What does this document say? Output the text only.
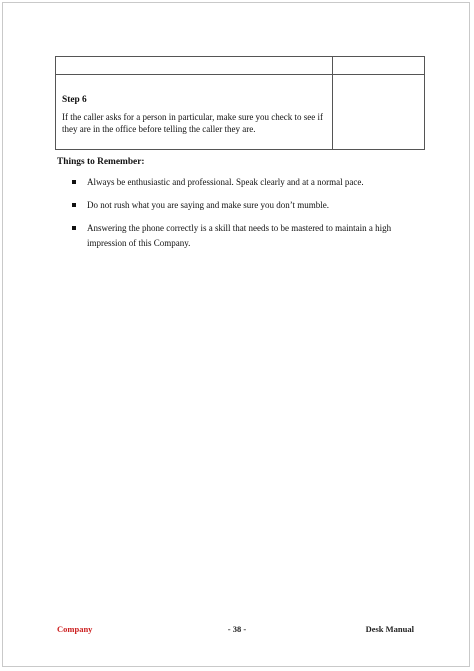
Step 6
If the caller asks for a person in particular, make sure you check to see if they are in the office before telling the caller they are.	

Things to Remember:
Always be enthusiastic and professional. Speak clearly and at a normal pace.
Do not rush what you are saying and make sure you don’t mumble.
Answering the phone correctly is a skill that needs to be mastered to maintain a high impression of this Company.
Company	- 38 -	Desk Manual
